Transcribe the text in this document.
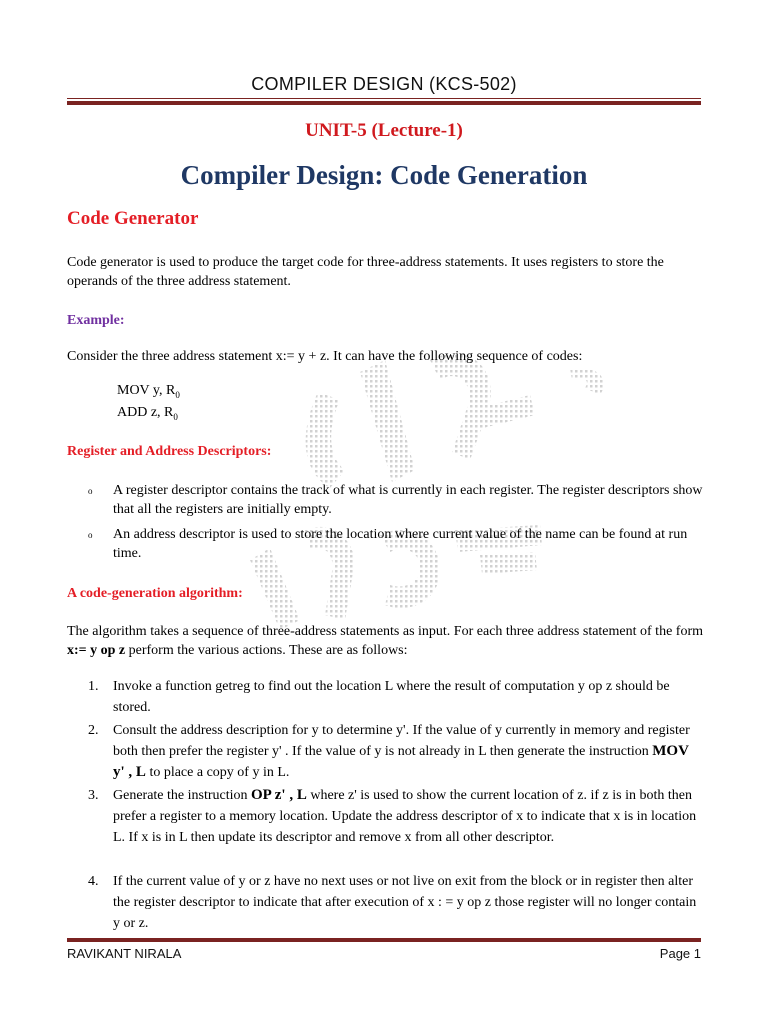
COMPILER DESIGN (KCS-502)
UNIT-5 (Lecture-1)
Compiler Design: Code Generation
Code Generator
Code generator is used to produce the target code for three-address statements. It uses registers to store the operands of the three address statement.
Example:
Consider the three address statement x:= y + z. It can have the following sequence of codes:
MOV y, $R_0$
ADD z, $R_0$
Register and Address Descriptors:
o A register descriptor contains the track of what is currently in each register. The register descriptors show that all the registers are initially empty.
o An address descriptor is used to store the location where current value of the name can be found at run time.
A code-generation algorithm:
The algorithm takes a sequence of three-address statements as input. For each three address statement of the form x:= y op z perform the various actions. These are as follows:
1. Invoke a function getreg to find out the location L where the result of computation y op z should be stored.
2. Consult the address description for y to determine y'. If the value of y currently in memory and register both then prefer the register y' . If the value of y is not already in L then generate the instruction MOV y' , L to place a copy of y in L.
3. Generate the instruction OP z' , L where z' is used to show the current location of z. if z is in both then prefer a register to a memory location. Update the address descriptor of x to indicate that x is in location L. If x is in L then update its descriptor and remove x from all other descriptor.
4. If the current value of y or z have no next uses or not live on exit from the block or in register then alter the register descriptor to indicate that after execution of x : = y op z those register will no longer contain y or z.
RAVIKANT NIRALA	Page 1
